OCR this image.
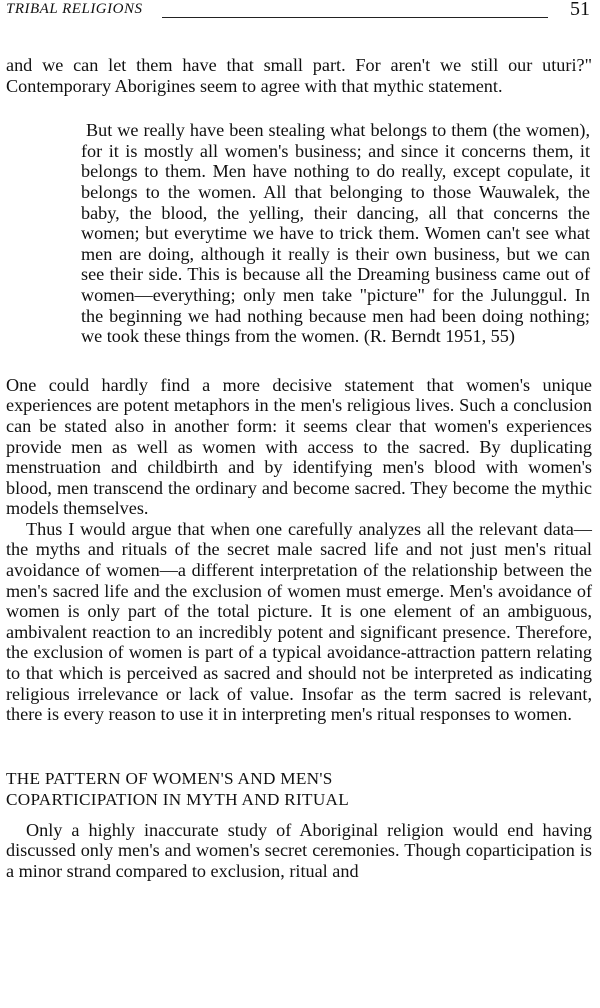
TRIBAL RELIGIONS	51

and we can let them have that small part. For aren't we still our uturi?" Contemporary Aborigines seem to agree with that mythic statement.

But we really have been stealing what belongs to them (the women), for it is mostly all women's business; and since it concerns them, it belongs to them. Men have nothing to do really, except copulate, it belongs to the women. All that belonging to those Wauwalek, the baby, the blood, the yelling, their dancing, all that concerns the women; but everytime we have to trick them. Women can't see what men are doing, although it really is their own business, but we can see their side. This is because all the Dreaming business came out of women—everything; only men take "picture" for the Julunggul. In the beginning we had nothing because men had been doing nothing; we took these things from the women. (R. Berndt 1951, 55)

One could hardly find a more decisive statement that women's unique experiences are potent metaphors in the men's religious lives. Such a conclusion can be stated also in another form: it seems clear that women's experiences provide men as well as women with access to the sacred. By duplicating menstruation and childbirth and by identifying men's blood with women's blood, men transcend the ordinary and become sacred. They become the mythic models themselves.

Thus I would argue that when one carefully analyzes all the relevant data—the myths and rituals of the secret male sacred life and not just men's ritual avoidance of women—a different interpretation of the relationship between the men's sacred life and the exclusion of women must emerge. Men's avoidance of women is only part of the total picture. It is one element of an ambiguous, ambivalent reaction to an incredibly potent and significant presence. Therefore, the exclusion of women is part of a typical avoidance-attraction pattern relating to that which is perceived as sacred and should not be interpreted as indicating religious irrelevance or lack of value. Insofar as the term sacred is relevant, there is every reason to use it in interpreting men's ritual responses to women.

THE PATTERN OF WOMEN'S AND MEN'S
COPARTICIPATION IN MYTH AND RITUAL

Only a highly inaccurate study of Aboriginal religion would end having discussed only men's and women's secret ceremonies. Though coparticipation is a minor strand compared to exclusion, ritual and
